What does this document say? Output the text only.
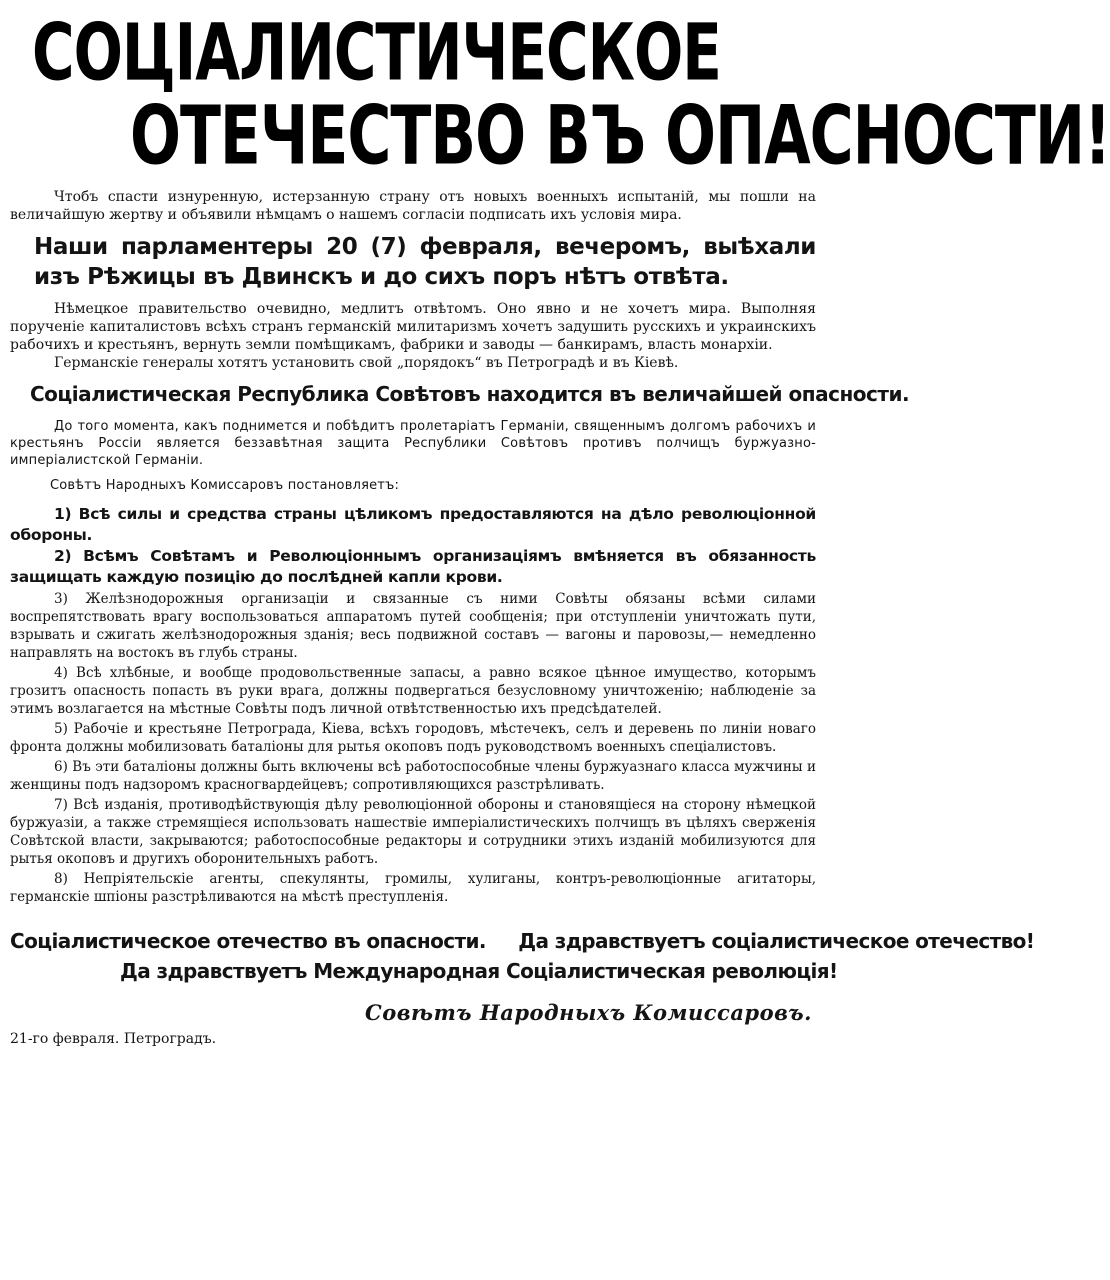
СОЦІАЛИСТИЧЕСКОЕ
ОТЕЧЕСТВО ВЪ ОПАСНОСТИ!

Чтобъ спасти изнуренную, истерзанную страну отъ новыхъ военныхъ испытаній, мы пошли на величайшую жертву и объявили нѣмцамъ о нашемъ согласіи подписать ихъ условія мира.

Наши парламентеры 20 (7) февраля, вечеромъ, выѣхали изъ Рѣжицы въ Двинскъ и до сихъ поръ нѣтъ отвѣта.

Нѣмецкое правительство очевидно, медлитъ отвѣтомъ. Оно явно и не хочетъ мира. Выполняя порученіе капиталистовъ всѣхъ странъ германскій милитаризмъ хочетъ задушить русскихъ и украинскихъ рабочихъ и крестьянъ, вернуть земли помѣщикамъ, фабрики и заводы — банкирамъ, власть монархіи.

Германскіе генералы хотятъ установить свой „порядокъ“ въ Петроградѣ и въ Кіевѣ.

Соціалистическая Республика Совѣтовъ находится въ величайшей опасности.

До того момента, какъ поднимется и побѣдитъ пролетаріатъ Германіи, священнымъ долгомъ рабочихъ и крестьянъ Россіи является беззавѣтная защита Республики Совѣтовъ противъ полчищъ буржуазно-имперіалистской Германіи.

Совѣтъ Народныхъ Комиссаровъ постановляетъ:

1) Всѣ силы и средства страны цѣликомъ предоставляются на дѣло революціонной обороны.

2) Всѣмъ Совѣтамъ и Революціоннымъ организаціямъ вмѣняется въ обязанность защищать каждую позицію до послѣдней капли крови.

3) Желѣзнодорожныя организаціи и связанные съ ними Совѣты обязаны всѣми силами воспрепятствовать врагу воспользоваться аппаратомъ путей сообщенія; при отступленіи уничтожать пути, взрывать и сжигать желѣзнодорожныя зданія; весь подвижной составъ — вагоны и паровозы,— немедленно направлять на востокъ въ глубь страны.

4) Всѣ хлѣбные, и вообще продовольственные запасы, а равно всякое цѣнное имущество, которымъ грозитъ опасность попасть въ руки врага, должны подвергаться безусловному уничтоженію; наблюденіе за этимъ возлагается на мѣстные Совѣты подъ личной отвѣтственностью ихъ предсѣдателей.

5) Рабочіе и крестьяне Петрограда, Кіева, всѣхъ городовъ, мѣстечекъ, селъ и деревень по линіи новаго фронта должны мобилизовать баталіоны для рытья окоповъ подъ руководствомъ военныхъ спеціалистовъ.

6) Въ эти баталіоны должны быть включены всѣ работоспособные члены буржуазнаго класса мужчины и женщины подъ надзоромъ красногвардейцевъ; сопротивляющихся разстрѣливать.

7) Всѣ изданія, противодѣйствующія дѣлу революціонной обороны и становящіеся на сторону нѣмецкой буржуазіи, а также стремящіеся использовать нашествіе имперіалистическихъ полчищъ въ цѣляхъ сверженія Совѣтской власти, закрываются; работоспособные редакторы и сотрудники этихъ изданій мобилизуются для рытья окоповъ и другихъ оборонительныхъ работъ.

8) Непріятельскіе агенты, спекулянты, громилы, хулиганы, контръ-революціонные агитаторы, германскіе шпіоны разстрѣливаются на мѣстѣ преступленія.

Соціалистическое отечество въ опасности. Да здравствуетъ соціалистическое отечество!
Да здравствуетъ Международная Соціалистическая революція!
Совѣтъ Народныхъ Комиссаровъ.
21-го февраля. Петроградъ.
